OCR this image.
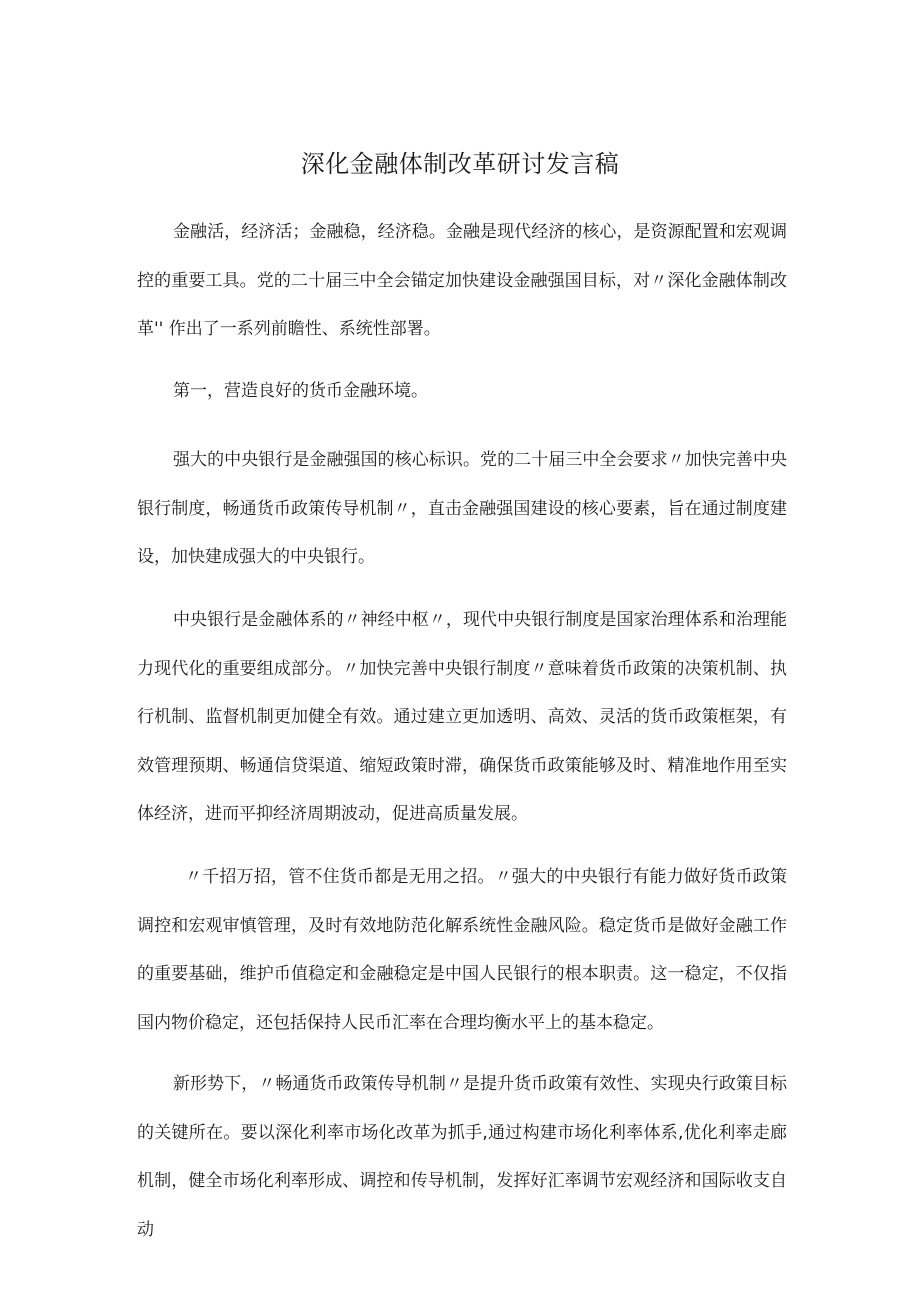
深化金融体制改革研讨发言稿

金融活，经济活；金融稳，经济稳。金融是现代经济的核心，是资源配置和宏观调控的重要工具。党的二十届三中全会锚定加快建设金融强国目标，对〃深化金融体制改革'' 作出了一系列前瞻性、系统性部署。

第一，营造良好的货币金融环境。

强大的中央银行是金融强国的核心标识。党的二十届三中全会要求〃加快完善中央银行制度，畅通货币政策传导机制〃，直击金融强国建设的核心要素，旨在通过制度建设，加快建成强大的中央银行。

中央银行是金融体系的〃神经中枢〃，现代中央银行制度是国家治理体系和治理能力现代化的重要组成部分。〃加快完善中央银行制度〃意味着货币政策的决策机制、执行机制、监督机制更加健全有效。通过建立更加透明、高效、灵活的货币政策框架，有效管理预期、畅通信贷渠道、缩短政策时滞，确保货币政策能够及时、精准地作用至实体经济，进而平抑经济周期波动，促进高质量发展。

〃千招万招，管不住货币都是无用之招。〃强大的中央银行有能力做好货币政策调控和宏观审慎管理，及时有效地防范化解系统性金融风险。稳定货币是做好金融工作的重要基础，维护币值稳定和金融稳定是中国人民银行的根本职责。这一稳定，不仅指国内物价稳定，还包括保持人民币汇率在合理均衡水平上的基本稳定。

新形势下，〃畅通货币政策传导机制〃是提升货币政策有效性、实现央行政策目标的关键所在。要以深化利率市场化改革为抓手,通过构建市场化利率体系,优化利率走廊机制，健全市场化利率形成、调控和传导机制，发挥好汇率调节宏观经济和国际收支自动
